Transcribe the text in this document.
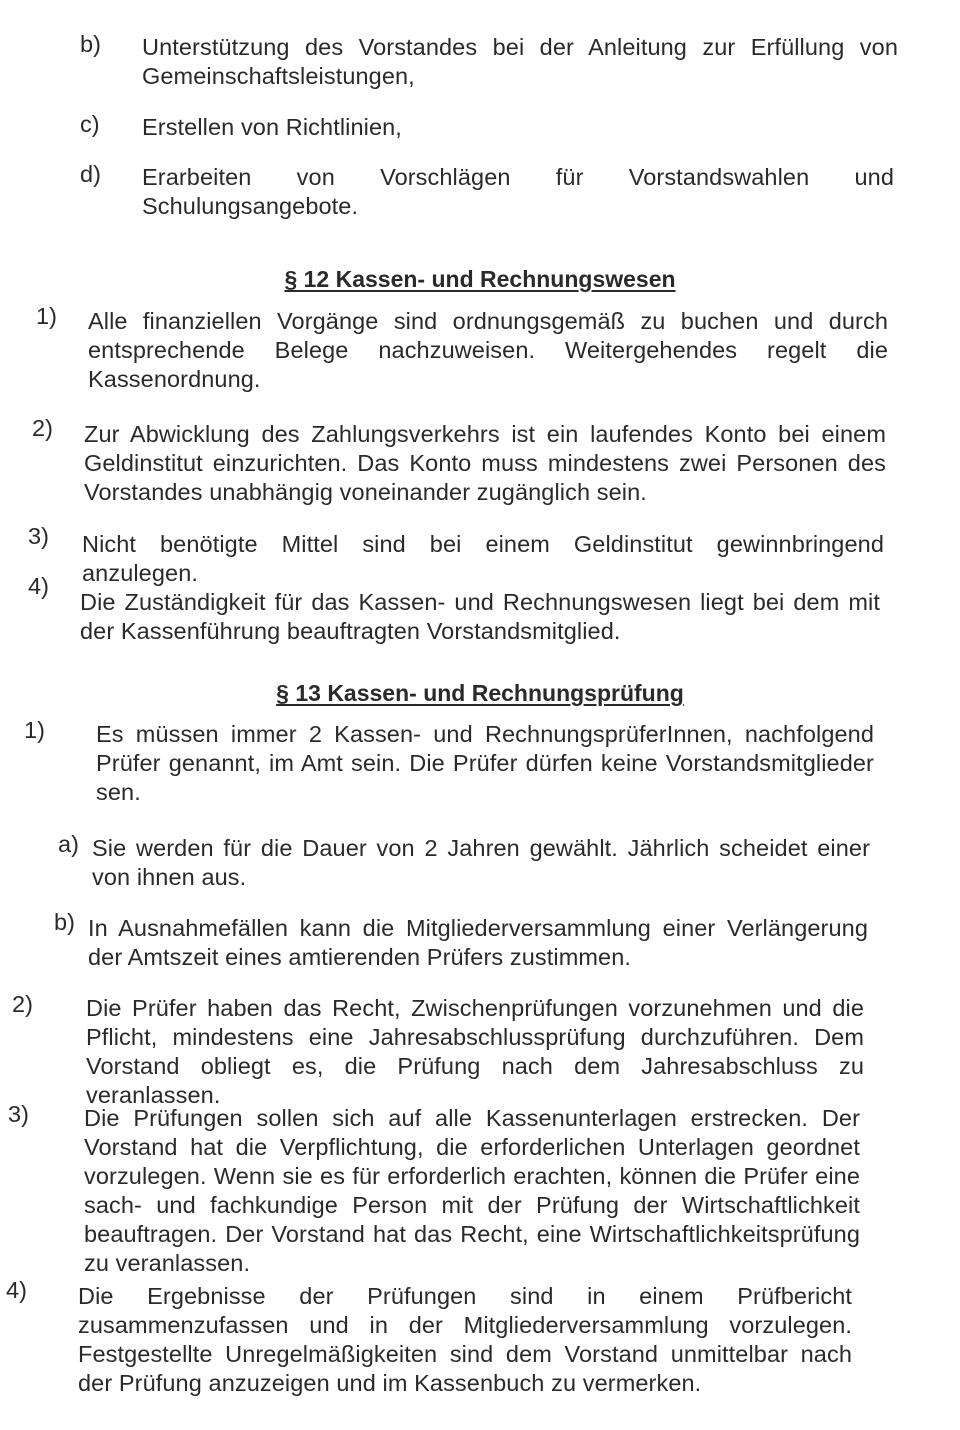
b) Unterstützung des Vorstandes bei der Anleitung zur Erfüllung von Gemeinschaftsleistungen,
c) Erstellen von Richtlinien,
d) Erarbeiten von Vorschlägen für Vorstandswahlen und Schulungsangebote.
§ 12 Kassen- und Rechnungswesen
1) Alle finanziellen Vorgänge sind ordnungsgemäß zu buchen und durch entsprechende Belege nachzuweisen. Weitergehendes regelt die Kassenordnung.
2) Zur Abwicklung des Zahlungsverkehrs ist ein laufendes Konto bei einem Geldinstitut einzurichten. Das Konto muss mindestens zwei Personen des Vorstandes unabhängig voneinander zugänglich sein.
3) Nicht benötigte Mittel sind bei einem Geldinstitut gewinnbringend anzulegen.
4)
Die Zuständigkeit für das Kassen- und Rechnungswesen liegt bei dem mit der Kassenführung beauftragten Vorstandsmitglied.
§ 13 Kassen- und Rechnungsprüfung
1) Es müssen immer 2 Kassen- und RechnungsprüferInnen, nachfolgend Prüfer genannt, im Amt sein. Die Prüfer dürfen keine Vorstandsmitglieder sen.
a) Sie werden für die Dauer von 2 Jahren gewählt. Jährlich scheidet einer von ihnen aus.
b) In Ausnahmefällen kann die Mitgliederversammlung einer Verlängerung der Amtszeit eines amtierenden Prüfers zustimmen.
2) Die Prüfer haben das Recht, Zwischenprüfungen vorzunehmen und die Pflicht, mindestens eine Jahresabschlussprüfung durchzuführen. Dem Vorstand obliegt es, die Prüfung nach dem Jahresabschluss zu veranlassen.
3) Die Prüfungen sollen sich auf alle Kassenunterlagen erstrecken. Der Vorstand hat die Verpflichtung, die erforderlichen Unterlagen geordnet vorzulegen. Wenn sie es für erforderlich erachten, können die Prüfer eine sach- und fachkundige Person mit der Prüfung der Wirtschaftlichkeit beauftragen. Der Vorstand hat das Recht, eine Wirtschaftlichkeitsprüfung zu veranlassen.
4) Die Ergebnisse der Prüfungen sind in einem Prüfbericht zusammenzufassen und in der Mitgliederversammlung vorzulegen. Festgestellte Unregelmäßigkeiten sind dem Vorstand unmittelbar nach der Prüfung anzuzeigen und im Kassenbuch zu vermerken.
